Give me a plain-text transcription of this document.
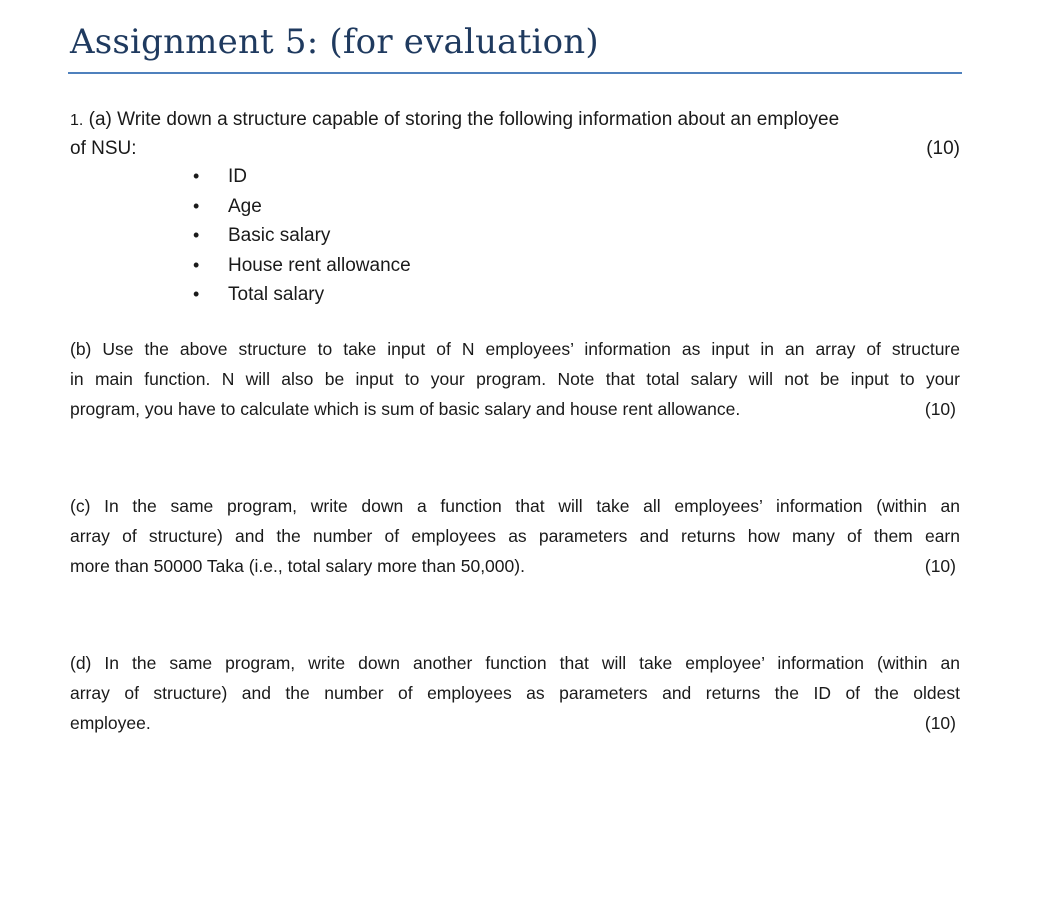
Assignment 5: (for evaluation)
1. (a) Write down a structure capable of storing the following information about an employee
of NSU:	(10)
•	ID
•	Age
•	Basic salary
•	House rent allowance
•	Total salary
(b) Use the above structure to take input of N employees’ information as input in an array of structure
in main function. N will also be input to your program. Note that total salary will not be input to your
program, you have to calculate which is sum of basic salary and house rent allowance.	(10)
(c) In the same program, write down a function that will take all employees’ information (within an
array of structure) and the number of employees as parameters and returns how many of them earn
more than 50000 Taka (i.e., total salary more than 50,000).	(10)
(d) In the same program, write down another function that will take employee’ information (within an
array of structure) and the number of employees as parameters and returns the ID of the oldest
employee.	(10)
